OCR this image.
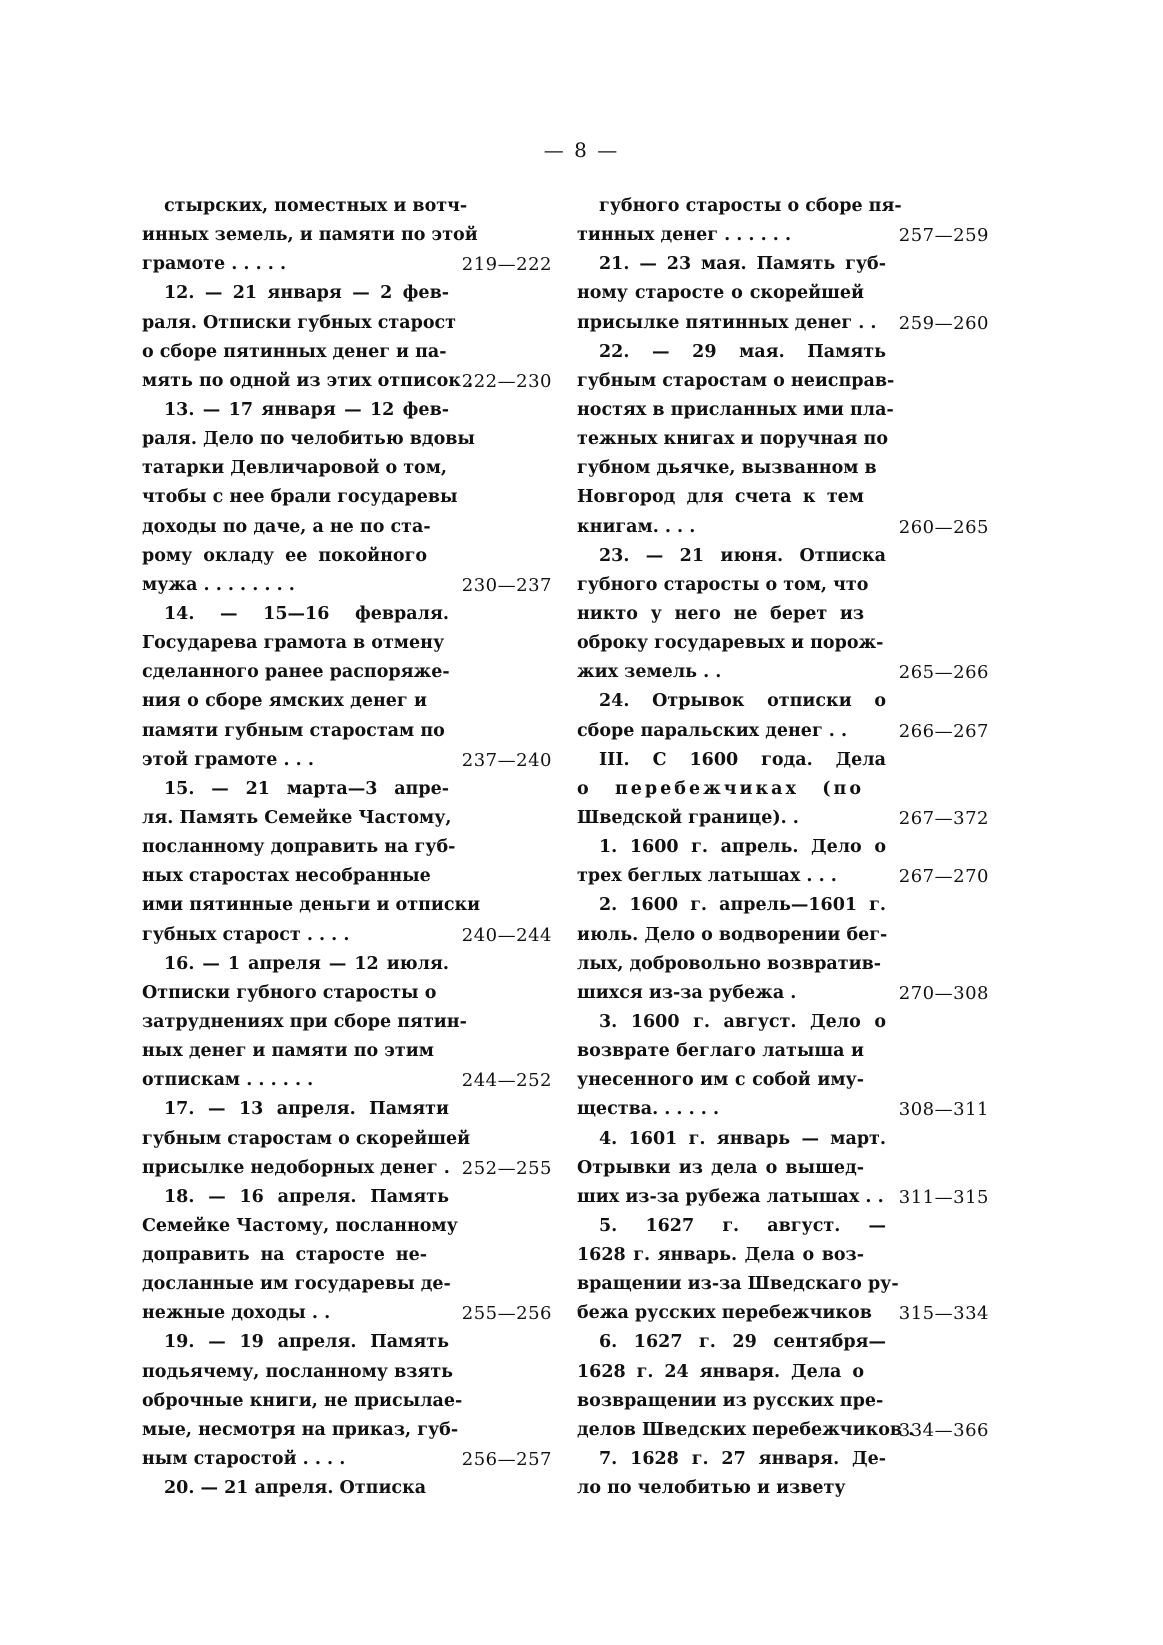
— 8 —
стырских, поместных и вотч-
инных земель, и памяти по этой
грамоте . . . . .	219—222
12. — 21 января — 2 фев-
раля. Отписки губных старост
о сборе пятинных денег и па-
мять по одной из этих отписок .
222—230
13. — 17 января — 12 фев-
раля. Дело по челобитью вдовы
татарки Девличаровой о том,
чтобы с нее брали государевы
доходы по даче, а не по ста-
рому окладу ее покойного
мужа . . . . . . . .	230—237
14. — 15—16 февраля.
Государева грамота в отмену
сделанного ранее распоряже-
ния о сборе ямских денег и
памяти губным старостам по
этой грамоте . . .	237—240
15. — 21 марта—3 апре-
ля. Память Семейке Частому,
посланному доправить на губ-
ных старостах несобранные
ими пятинные деньги и отписки
губных старост . . . .	240—244
16. — 1 апреля — 12 июля.
Отписки губного старосты о
затруднениях при сборе пятин-
ных денег и памяти по этим
отпискам . . . . . .	244—252
17. — 13 апреля. Памяти
губным старостам о скорейшей
присылке недоборных денег . 252—255
18. — 16 апреля. Память
Семейке Частому, посланному
доправить на старосте не-
досланные им государевы де-
нежные доходы . .	255—256
19. — 19 апреля. Память
подьячему, посланному взять
оброчные книги, не присылае-
мые, несмотря на приказ, губ-
ным старостой . . . .	256—257
20. — 21 апреля. Отписка
губного старосты о сборе пя-
тинных денег . . . . . .	257—259
21. — 23 мая. Память губ-
ному старосте о скорейшей
присылке пятинных денег . . 259—260
22. — 29 мая. Память
губным старостам о неисправ-
ностях в присланных ими пла-
тежных книгах и поручная по
губном дьячке, вызванном в
Новгород для счета к тем
книгам. . . .	260—265
23. — 21 июня. Отписка
губного старосты о том, что
никто у него не берет из
оброку государевых и порож-
жих земель . .	265—266
24. Отрывок отписки о
сборе паральских денег . .	266—267
III. С 1600 года. Дела
о перебежчиках (по
Шведской границе). .	267—372
1. 1600 г. апрель. Дело о
трех беглых латышах . . .	267—270
2. 1600 г. апрель—1601 г.
июль. Дело о водворении бег-
лых, добровольно возвратив-
шихся из-за рубежа .	270—308
3. 1600 г. август. Дело о
возврате беглаго латыша и
унесенного им с собой иму-
щества. . . . . .	308—311
4. 1601 г. январь — март.
Отрывки из дела о вышед-
ших из-за рубежа латышах . . 311—315
5. 1627 г. август. —
1628 г. январь. Дела о воз-
вращении из-за Шведскаго ру-
бежа русских перебежчиков 315—334
6. 1627 г. 29 сентября—
1628 г. 24 января. Дела о
возвращении из русских пре-
делов Шведских перебежчиков .
334—366
7. 1628 г. 27 января. Де-
ло по челобитью и извету
